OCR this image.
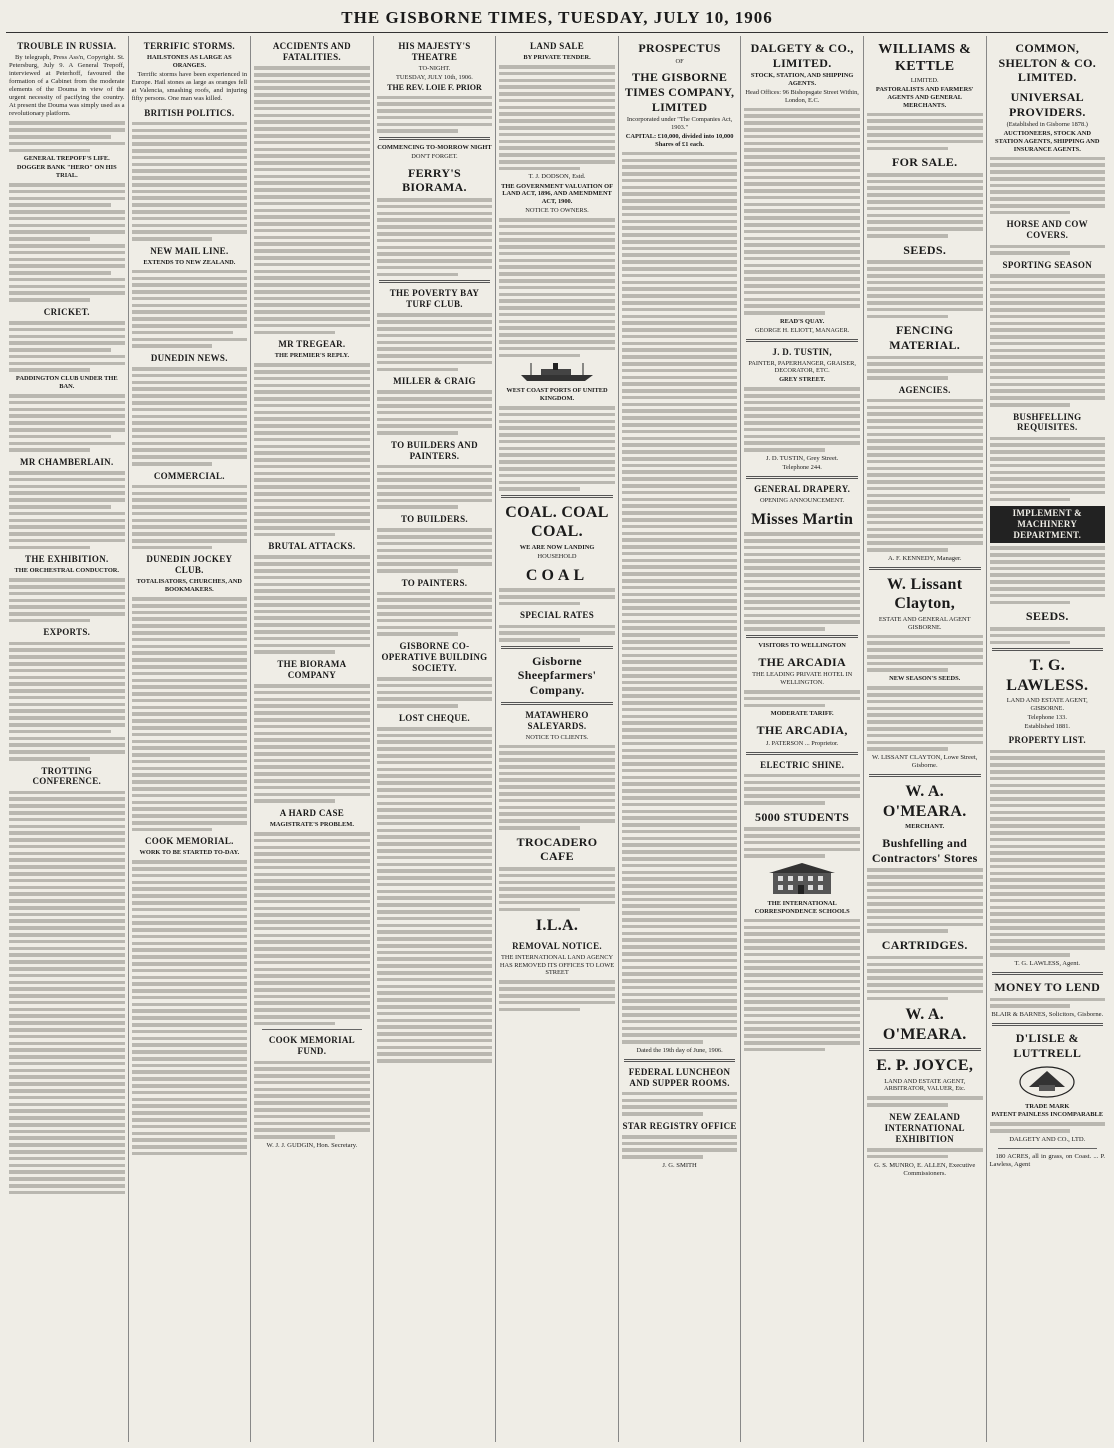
THE GISBORNE TIMES, TUESDAY, JULY 10, 1906
TROUBLE IN RUSSIA.
By telegraph, Press Ass'n, Copyright. St. Petersburg, July 9. A General Trepoff, interviewed at Peterhoff, favoured the formation of a Cabinet from the moderate elements of the Douma in view of the urgent necessity of pacifying the country. At present the Douma was simply used as a revolutionary platform.
GENERAL TREPOFF'S LIFE.
DOGGER BANK "HERO" ON HIS TRIAL.
CRICKET.
PADDINGTON CLUB UNDER THE BAN.
MR CHAMBERLAIN.
THE EXHIBITION.
THE ORCHESTRAL CONDUCTOR.
EXPORTS.
TROTTING CONFERENCE.
TERRIFIC STORMS.
HAILSTONES AS LARGE AS ORANGES.
Terrific storms have been experienced in Europe. Hail stones as large as oranges fell at Valencia, smashing roofs, and injuring fifty persons. One man was killed.
BRITISH POLITICS.
NEW MAIL LINE.
EXTENDS TO NEW ZEALAND.
DUNEDIN NEWS.
COMMERCIAL.
DUNEDIN JOCKEY CLUB.
TOTALISATORS, CHURCHES, AND BOOKMAKERS.
COOK MEMORIAL.
WORK TO BE STARTED TO-DAY.
ACCIDENTS AND FATALITIES.
MR TREGEAR.
THE PREMIER'S REPLY.
BRUTAL ATTACKS.
THE BIORAMA COMPANY
A HARD CASE
MAGISTRATE'S PROBLEM.
COOK MEMORIAL FUND.
W. J. J. GUDGIN, Hon. Secretary.
HIS MAJESTY'S THEATRE
TO-NIGHT.
TUESDAY, JULY 10th, 1906.
THE REV. LOIE F. PRIOR
COMMENCING TO-MORROW NIGHT
DON'T FORGET.
FERRY'S BIORAMA.
THE POVERTY BAY TURF CLUB.
MILLER & CRAIG
TO BUILDERS AND PAINTERS.
TO BUILDERS.
TO PAINTERS.
GISBORNE CO-OPERATIVE BUILDING SOCIETY.
LOST CHEQUE.
LAND SALE
BY PRIVATE TENDER.
T. J. DODSON, Estd.
THE GOVERNMENT VALUATION OF LAND ACT, 1896, AND AMENDMENT ACT, 1900.
NOTICE TO OWNERS.
WEST COAST PORTS OF UNITED KINGDOM.
COAL. COAL COAL.
WE ARE NOW LANDING
HOUSEHOLD
COAL
SPECIAL RATES
Gisborne Sheepfarmers' Company.
MATAWHERO SALEYARDS.
NOTICE TO CLIENTS.
TROCADERO CAFE
I.L.A.
REMOVAL NOTICE.
THE INTERNATIONAL LAND AGENCY HAS REMOVED ITS OFFICES TO LOWE STREET
PROSPECTUS
OF
THE GISBORNE TIMES COMPANY, LIMITED
Incorporated under "The Companies Act, 1903."
CAPITAL: £10,000, divided into 10,000 Shares of £1 each.
Dated the 19th day of June, 1906.
FEDERAL LUNCHEON AND SUPPER ROOMS.
STAR REGISTRY OFFICE
J. G. SMITH
DALGETY & CO., LIMITED.
STOCK, STATION, AND SHIPPING AGENTS.
Head Offices: 96 Bishopsgate Street Within, London, E.C.
READ'S QUAY.
GEORGE H. ELIOTT, MANAGER.
J. D. TUSTIN,
PAINTER, PAPERHANGER, GRAISER, DECORATOR, ETC.
GREY STREET.
J. D. TUSTIN, Grey Street.
Telephone 244.
GENERAL DRAPERY.
OPENING ANNOUNCEMENT.
Misses Martin
VISITORS TO WELLINGTON
THE ARCADIA
THE LEADING PRIVATE HOTEL IN WELLINGTON.
MODERATE TARIFF.
THE ARCADIA,
J. PATERSON ... Proprietor.
ELECTRIC SHINE.
5000 STUDENTS
THE INTERNATIONAL CORRESPONDENCE SCHOOLS
WILLIAMS & KETTLE
LIMITED.
PASTORALISTS AND FARMERS' AGENTS AND GENERAL MERCHANTS.
FOR SALE.
SEEDS.
FENCING MATERIAL.
AGENCIES.
A. F. KENNEDY, Manager.
W. Lissant Clayton,
ESTATE AND GENERAL AGENT GISBORNE.
NEW SEASON'S SEEDS.
W. LISSANT CLAYTON, Lowe Street, Gisborne.
W. A. O'MEARA.
MERCHANT.
Bushfelling and Contractors' Stores
CARTRIDGES.
W. A. O'MEARA.
E. P. JOYCE,
LAND AND ESTATE AGENT, ARBITRATOR, VALUER, Etc.
NEW ZEALAND INTERNATIONAL EXHIBITION
G. S. MUNRO, E. ALLEN, Executive Commissioners.
COMMON, SHELTON & CO. LIMITED.
UNIVERSAL PROVIDERS.
(Established in Gisborne 1878.)
AUCTIONEERS, STOCK AND STATION AGENTS, SHIPPING AND INSURANCE AGENTS.
HORSE AND COW COVERS.
SPORTING SEASON
BUSHFELLING REQUISITES.
IMPLEMENT & MACHINERY DEPARTMENT.
SEEDS.
T. G. LAWLESS.
LAND AND ESTATE AGENT, GISBORNE.
Telephone 133.
Established 1881.
PROPERTY LIST.
T. G. LAWLESS, Agent.
MONEY TO LEND
BLAIR & BARNES, Solicitors, Gisborne.
D'LISLE & LUTTRELL
TRADE MARK
PATENT PAINLESS INCOMPARABLE
DALGETY AND CO., LTD.
180 ACRES, all in grass, on Coast. ... P. Lawless, Agent
